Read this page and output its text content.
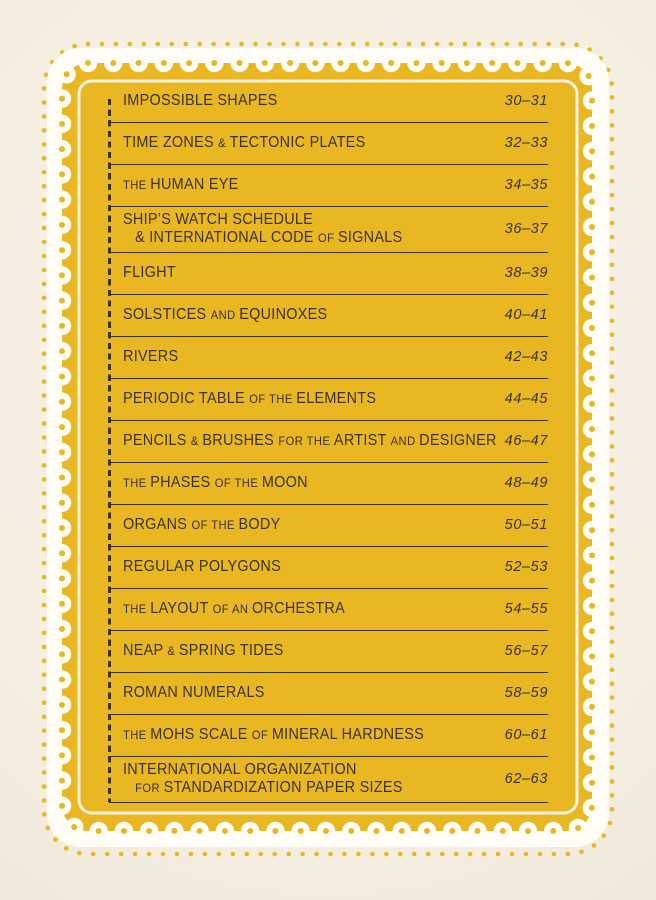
IMPOSSIBLE SHAPES	30–31
TIME ZONES & TECTONIC PLATES	32–33
THE HUMAN EYE	34–35
SHIP’S WATCH SCHEDULE
& INTERNATIONAL CODE OF SIGNALS	36–37
FLIGHT	38–39
SOLSTICES AND EQUINOXES	40–41
RIVERS	42–43
PERIODIC TABLE OF THE ELEMENTS	44–45
PENCILS & BRUSHES FOR THE ARTIST AND DESIGNER 46–47
THE PHASES OF THE MOON	48–49
ORGANS OF THE BODY	50–51
REGULAR POLYGONS	52–53
THE LAYOUT OF AN ORCHESTRA	54–55
NEAP & SPRING TIDES	56–57
ROMAN NUMERALS	58–59
THE MOHS SCALE OF MINERAL HARDNESS	60–61
INTERNATIONAL ORGANIZATION
FOR STANDARDIZATION PAPER SIZES	62–63
